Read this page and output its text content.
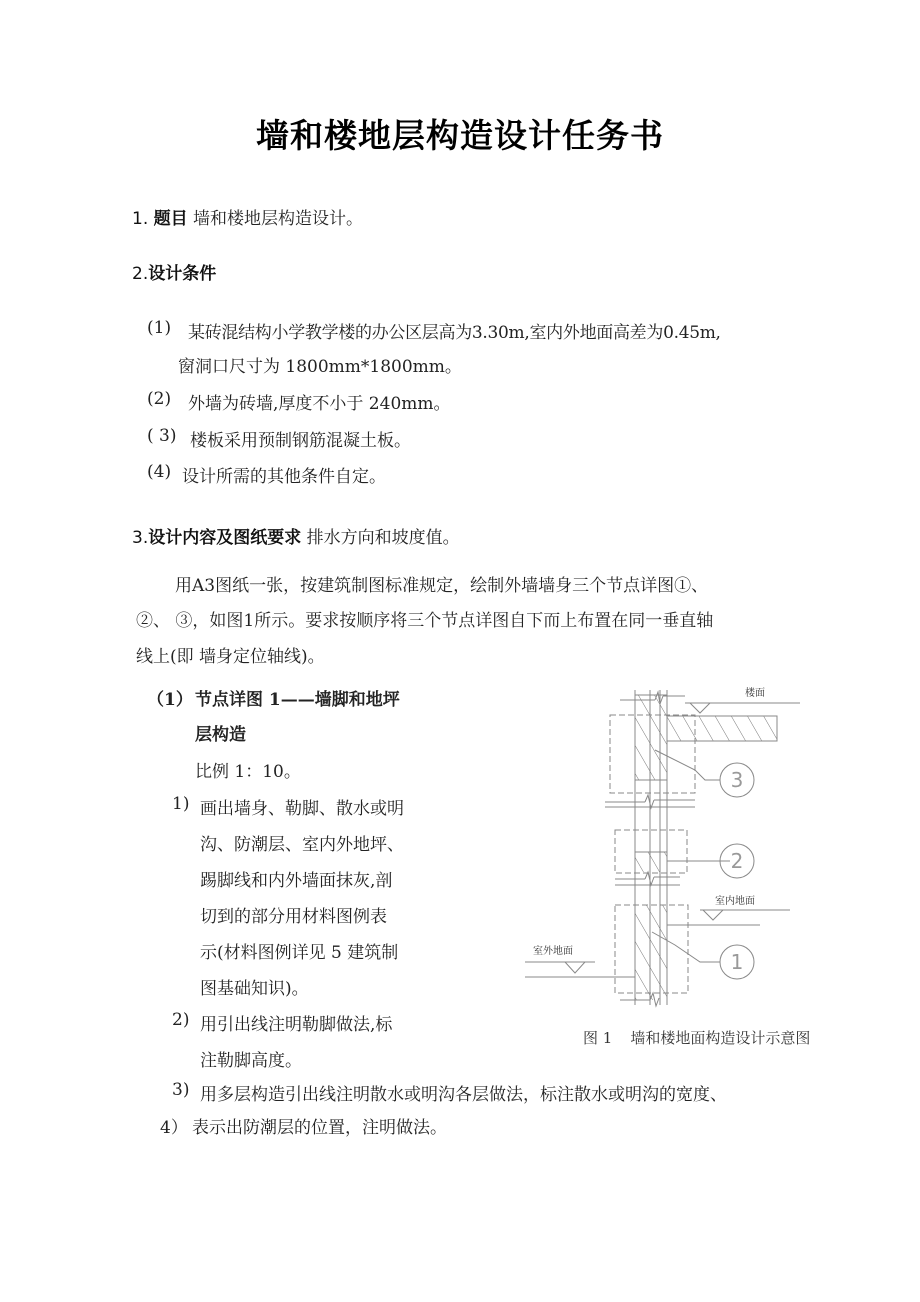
墙和楼地层构造设计任务书
1. 题目 墙和楼地层构造设计。
2.设计条件
(1) 某砖混结构小学教学楼的办公区层高为3.30m,室内外地面高差为0.45m,
窗洞口尺寸为 1800mm*1800mm。
(2) 外墙为砖墙,厚度不小于 240mm。
( 3) 楼板采用预制钢筋混凝土板。
(4) 设计所需的其他条件自定。
3.设计内容及图纸要求 排水方向和坡度值。
用A3图纸一张，按建筑制图标准规定，绘制外墙墙身三个节点详图①、
②、 ③，如图1所示。要求按顺序将三个节点详图自下而上布置在同一垂直轴
线上(即 墙身定位轴线)。
（1） 节点详图 1——墙脚和地坪
层构造
比例 1：10。
1) 画出墙身、勒脚、散水或明
沟、防潮层、室内外地坪、
踢脚线和内外墙面抹灰,剖
切到的部分用材料图例表
示(材料图例详见 5 建筑制
图基础知识)。
2) 用引出线注明勒脚做法,标
注勒脚高度。
3) 用多层构造引出线注明散水或明沟各层做法，标注散水或明沟的宽度、
4） 表示出防潮层的位置，注明做法。
楼面
室内地面
室外地面
3
2
1
图 1 墙和楼地面构造设计示意图
